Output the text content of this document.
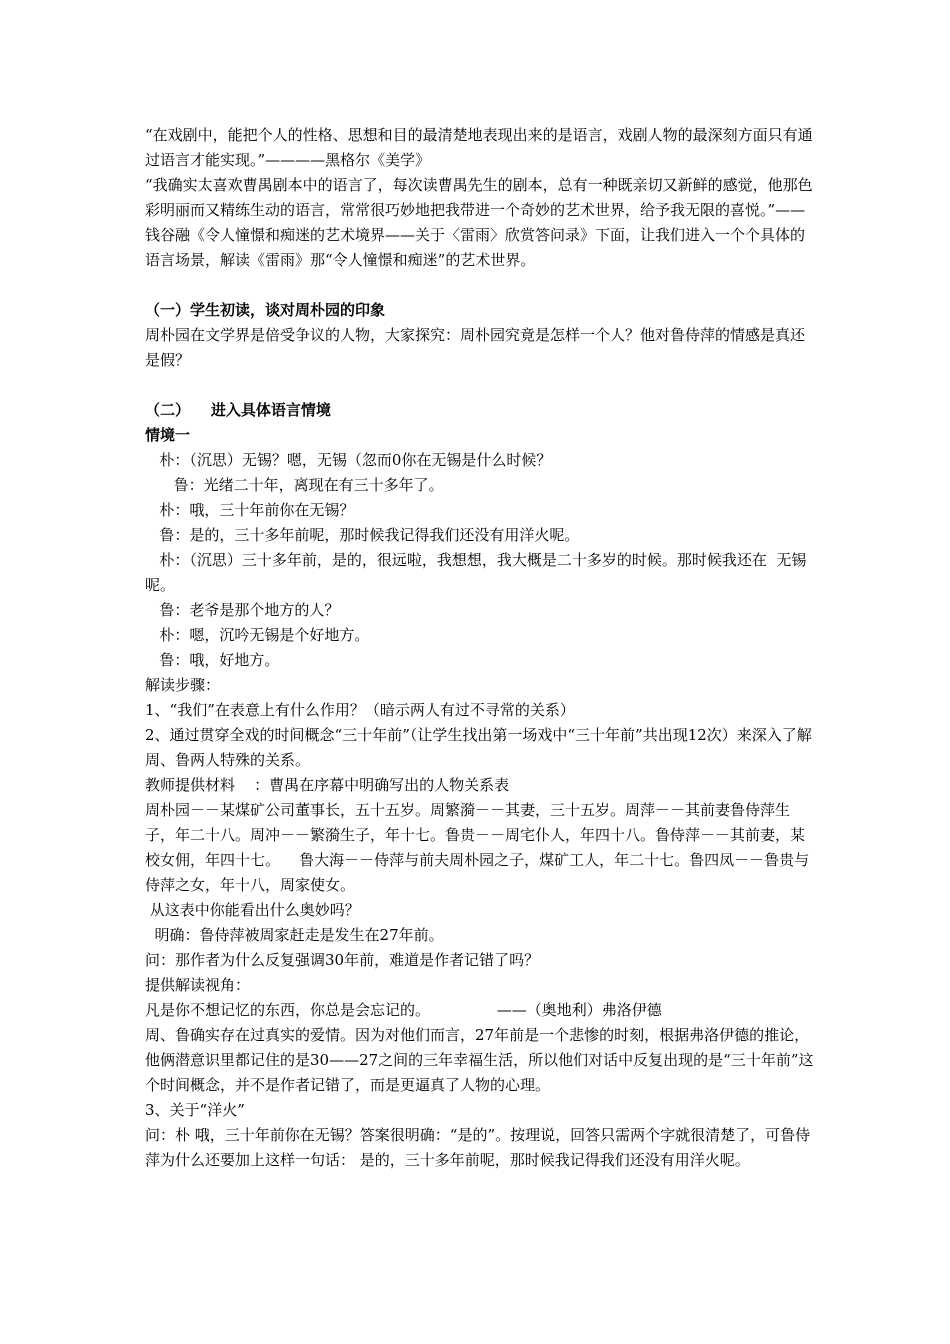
“在戏剧中，能把个人的性格、思想和目的最清楚地表现出来的是语言，戏剧人物的最深刻方面只有通过语言才能实现。”————黑格尔《美学》

“我确实太喜欢曹禺剧本中的语言了，每次读曹禺先生的剧本，总有一种既亲切又新鲜的感觉，他那色彩明丽而又精练生动的语言，常常很巧妙地把我带进一个奇妙的艺术世界，给予我无限的喜悦。”——钱谷融《令人憧憬和痴迷的艺术境界——关于〈雷雨〉欣赏答问录》下面，让我们进入一个个具体的语言场景，解读《雷雨》那“令人憧憬和痴迷”的艺术世界。

（一）学生初读，谈对周朴园的印象

周朴园在文学界是倍受争议的人物，大家探究：周朴园究竟是怎样一个人？他对鲁侍萍的情感是真还是假？

（二）    进入具体语言情境

情境一

朴：（沉思）无锡？嗯，无锡（忽而0你在无锡是什么时候？

鲁：光绪二十年，离现在有三十多年了。

朴：哦，三十年前你在无锡？

鲁：是的，三十多年前呢，那时候我记得我们还没有用洋火呢。

朴：（沉思）三十多年前，是的，很远啦，我想想，我大概是二十多岁的时候。那时候我还在  无锡呢。

鲁：老爷是那个地方的人？

朴：嗯，沉吟无锡是个好地方。

鲁：哦，好地方。

解读步骤：

1、“我们”在表意上有什么作用？（暗示两人有过不寻常的关系）

2、通过贯穿全戏的时间概念“三十年前”（让学生找出第一场戏中“三十年前”共出现12次）来深入了解周、鲁两人特殊的关系。

教师提供材料    ：曹禺在序幕中明确写出的人物关系表

周朴园－－某煤矿公司董事长，五十五岁。周繁漪－－其妻，三十五岁。周萍－－其前妻鲁侍萍生子，年二十八。周冲－－繁漪生子，年十七。鲁贵－－周宅仆人，年四十八。鲁侍萍－－其前妻，某校女佣，年四十七。    鲁大海－－侍萍与前夫周朴园之子，煤矿工人，年二十七。鲁四凤－－鲁贵与侍萍之女，年十八，周家使女。

从这表中你能看出什么奥妙吗？

明确：鲁侍萍被周家赶走是发生在27年前。

问：那作者为什么反复强调30年前，难道是作者记错了吗？

提供解读视角：

凡是你不想记忆的东西，你总是会忘记的。              ——（奥地利）弗洛伊德

周、鲁确实存在过真实的爱情。因为对他们而言，27年前是一个悲惨的时刻，根据弗洛伊德的推论，他俩潜意识里都记住的是30——27之间的三年幸福生活，所以他们对话中反复出现的是“三十年前”这个时间概念，并不是作者记错了，而是更逼真了人物的心理。

3、关于“洋火”

问：朴 哦，三十年前你在无锡？答案很明确：“是的”。按理说，回答只需两个字就很清楚了，可鲁侍萍为什么还要加上这样一句话： 是的，三十多年前呢，那时候我记得我们还没有用洋火呢。
